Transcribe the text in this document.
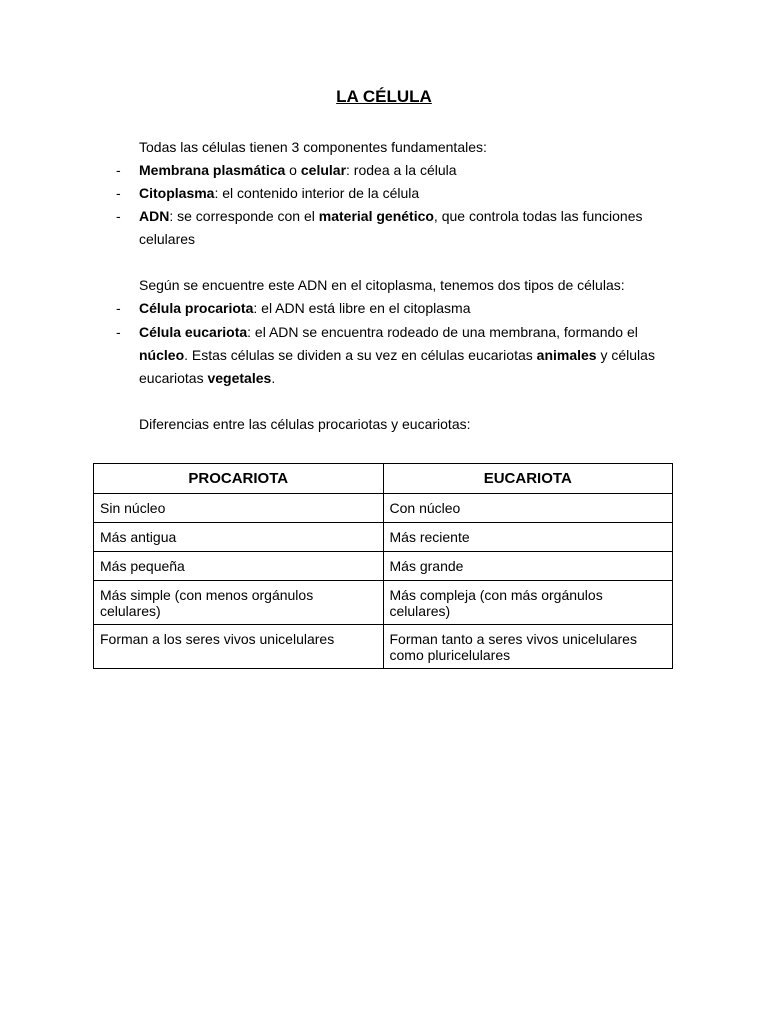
LA CÉLULA
Todas las células tienen 3 componentes fundamentales:
- Membrana plasmática o celular: rodea a la célula
- Citoplasma: el contenido interior de la célula
- ADN: se corresponde con el material genético, que controla todas las funciones celulares
Según se encuentre este ADN en el citoplasma, tenemos dos tipos de células:
- Célula procariota: el ADN está libre en el citoplasma
- Célula eucariota: el ADN se encuentra rodeado de una membrana, formando el núcleo. Estas células se dividen a su vez en células eucariotas animales y células eucariotas vegetales.
Diferencias entre las células procariotas y eucariotas:
PROCARIOTA	EUCARIOTA
Sin núcleo	Con núcleo
Más antigua	Más reciente
Más pequeña	Más grande
Más simple (con menos orgánulos celulares)	Más compleja (con más orgánulos celulares)
Forman a los seres vivos unicelulares	Forman tanto a seres vivos unicelulares como pluricelulares
